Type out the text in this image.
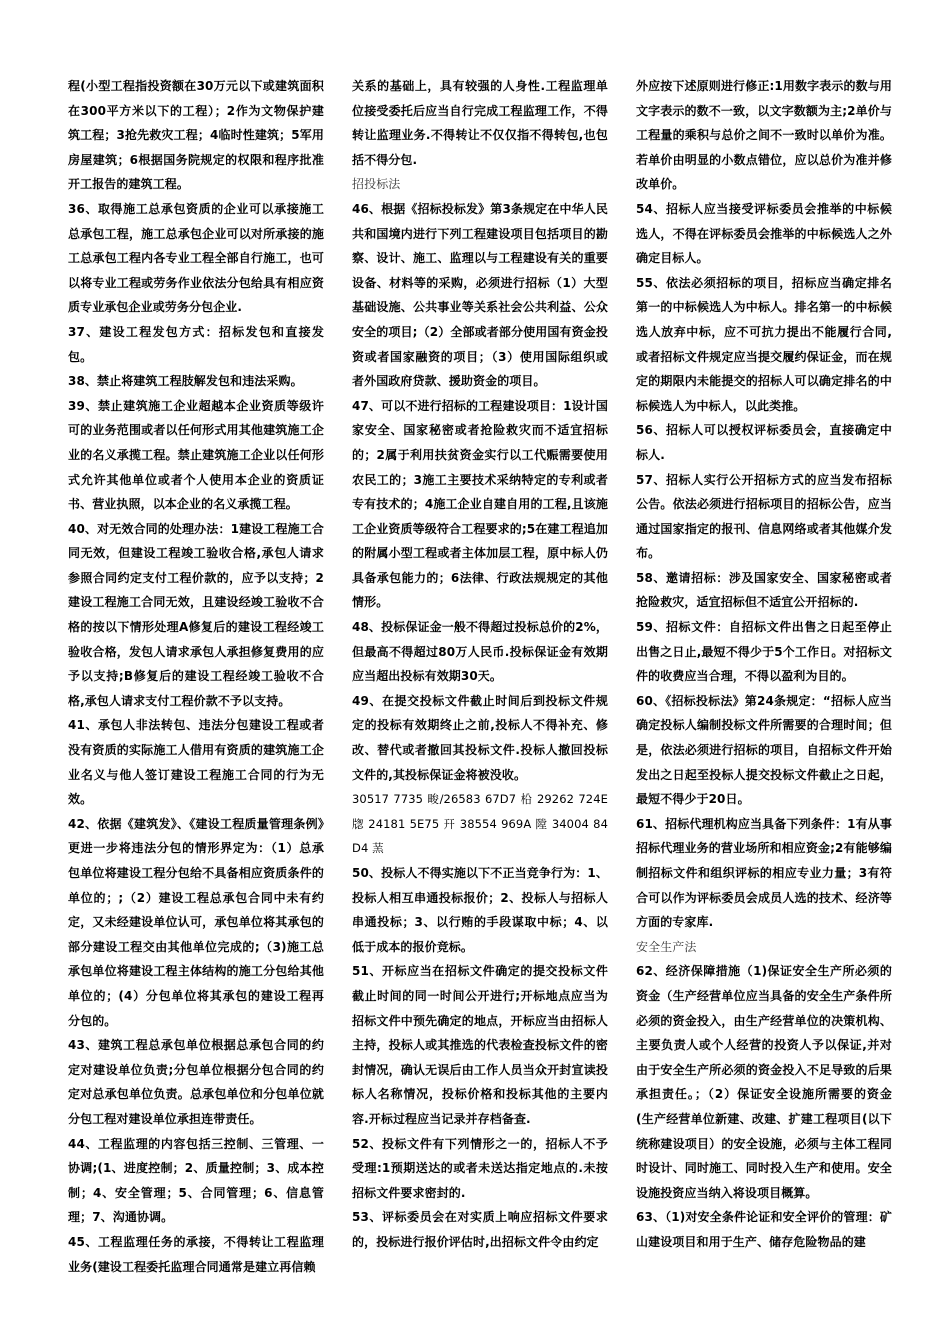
程(小型工程指投资额在30万元以下或建筑面积在300平方米以下的工程）；2作为文物保护建筑工程；3抢先救灾工程；4临时性建筑；5军用房屋建筑；6根据国务院规定的权限和程序批准开工报告的建筑工程。

36、取得施工总承包资质的企业可以承接施工总承包工程，施工总承包企业可以对所承接的施工总承包工程内各专业工程全部自行施工，也可以将专业工程或劳务作业依法分包给具有相应资质专业承包企业或劳务分包企业.

37、建设工程发包方式：招标发包和直接发包。

38、禁止将建筑工程肢解发包和违法采购。

39、禁止建筑施工企业超越本企业资质等级许可的业务范围或者以任何形式用其他建筑施工企业的名义承揽工程。禁止建筑施工企业以任何形式允许其他单位或者个人使用本企业的资质证书、营业执照，以本企业的名义承揽工程。

40、对无效合同的处理办法：1建设工程施工合同无效，但建设工程竣工验收合格,承包人请求参照合同约定支付工程价款的，应予以支持；2建设工程施工合同无效，且建设经竣工验收不合格的按以下情形处理A修复后的建设工程经竣工验收合格，发包人请求承包人承担修复费用的应予以支持;B修复后的建设工程经竣工验收不合格,承包人请求支付工程价款不予以支持。

41、承包人非法转包、违法分包建设工程或者没有资质的实际施工人借用有资质的建筑施工企业名义与他人签订建设工程施工合同的行为无效。

42、依据《建筑发》、《建设工程质量管理条例》更进一步将违法分包的情形界定为：（1）总承包单位将建设工程分包给不具备相应资质条件的单位的；;（2）建设工程总承包合同中未有约定，又未经建设单位认可，承包单位将其承包的部分建设工程交由其他单位完成的;（3)施工总承包单位将建设工程主体结构的施工分包给其他单位的；(4）分包单位将其承包的建设工程再分包的。

43、建筑工程总承包单位根据总承包合同的约定对建设单位负责;分包单位根据分包合同的约定对总承包单位负责。总承包单位和分包单位就分包工程对建设单位承担连带责任。

44、工程监理的内容包括三控制、三管理、一协调;(1、进度控制；2、质量控制；3、成本控制；4、安全管理；5、合同管理；6、信息管理；7、沟通协调。

45、工程监理任务的承接，不得转让工程监理业务(建设工程委托监理合同通常是建立再信赖

关系的基础上，具有较强的人身性.工程监理单位接受委托后应当自行完成工程监理工作，不得转让监理业务.不得转让不仅仅指不得转包,也包括不得分包.

招投标法

46、根据《招标投标发》第3条规定在中华人民共和国境内进行下列工程建设项目包括项目的勘察、设计、施工、监理以与工程建设有关的重要设备、材料等的采购，必须进行招标（1）大型基础设施、公共事业等关系社会公共利益、公众安全的项目;（2）全部或者部分使用国有资金投资或者国家融资的项目；（3）使用国际组织或者外国政府贷款、援助资金的项目。

47、可以不进行招标的工程建设项目：1设计国家安全、国家秘密或者抢险救灾而不适宜招标的；2属于利用扶贫资金实行以工代赈需要使用农民工的；3施工主要技术采纳特定的专利或者专有技术的；4施工企业自建自用的工程,且该施工企业资质等级符合工程要求的;5在建工程追加的附属小型工程或者主体加层工程，原中标人仍具备承包能力的；6法律、行政法规规定的其他情形。

48、投标保证金一般不得超过投标总价的2%，但最高不得超过80万人民币.投标保证金有效期应当超出投标有效期30天。

49、在提交投标文件截止时间后到投标文件规定的投标有效期终止之前,投标人不得补充、修改、替代或者撤回其投标文件.投标人撤回投标文件的,其投标保证金将被没收。

30517 7735 畯/26583 67D7 柗 29262 724E 牎 24181 5E75 幵 38554 969A 隚 34004 84D4 蓔

50、投标人不得实施以下不正当竞争行为：1、投标人相互串通投标报价；2、投标人与招标人串通投标；3、以行贿的手段谋取中标；4、以低于成本的报价竞标。

51、开标应当在招标文件确定的提交投标文件截止时间的同一时间公开进行;开标地点应当为招标文件中预先确定的地点，开标应当由招标人主持，投标人或其推选的代表检查投标文件的密封情况，确认无误后由工作人员当众开封宣读投标人名称情况，投标价格和投标其他的主要内容.开标过程应当记录并存档备查.

52、投标文件有下列情形之一的，招标人不予受理:1预期送达的或者未送达指定地点的.未按招标文件要求密封的.

53、评标委员会在对实质上响应招标文件要求的，投标进行报价评估时,出招标文件令由约定

外应按下述原则进行修正:1用数字表示的数与用文字表示的数不一致，以文字数额为主;2单价与工程量的乘积与总价之间不一致时以单价为准。若单价由明显的小数点错位，应以总价为准并修改单价。

54、招标人应当接受评标委员会推举的中标候选人，不得在评标委员会推举的中标候选人之外确定目标人。

55、依法必须招标的项目，招标应当确定排名第一的中标候选人为中标人。排名第一的中标候选人放弃中标，应不可抗力提出不能履行合同,或者招标文件规定应当提交履约保证金，而在规定的期限内未能提交的招标人可以确定排名的中标候选人为中标人，以此类推。

56、招标人可以授权评标委员会，直接确定中标人.

57、招标人实行公开招标方式的应当发布招标公告。依法必须进行招标项目的招标公告，应当通过国家指定的报刊、信息网络或者其他媒介发布。

58、邀请招标：涉及国家安全、国家秘密或者抢险救灾，适宜招标但不适宜公开招标的.

59、招标文件：自招标文件出售之日起至停止出售之日止,最短不得少于5个工作日。对招标文件的收费应当合理，不得以盈利为目的。

60、《招标投标法》第24条规定：“招标人应当确定投标人编制投标文件所需要的合理时间；但是，依法必须进行招标的项目，自招标文件开始发出之日起至投标人提交投标文件截止之日起，最短不得少于20日。

61、招标代理机构应当具备下列条件：1有从事招标代理业务的营业场所和相应资金;2有能够编制招标文件和组织评标的相应专业力量；3有符合可以作为评标委员会成员人选的技术、经济等方面的专家库.

安全生产法

62、经济保障措施（1)保证安全生产所必须的资金（生产经营单位应当具备的安全生产条件所必须的资金投入，由生产经营单位的决策机构、主要负责人或个人经营的投资人予以保证,并对由于安全生产所必须的资金投入不足导致的后果承担责任。；（2）保证安全设施所需要的资金(生产经营单位新建、改建、扩建工程项目(以下统称建设项目）的安全设施，必须与主体工程同时设计、同时施工、同时投入生产和使用。安全设施投资应当纳入将设项目概算。

63、（1)对安全条件论证和安全评价的管理：矿山建设项目和用于生产、储存危险物品的建
